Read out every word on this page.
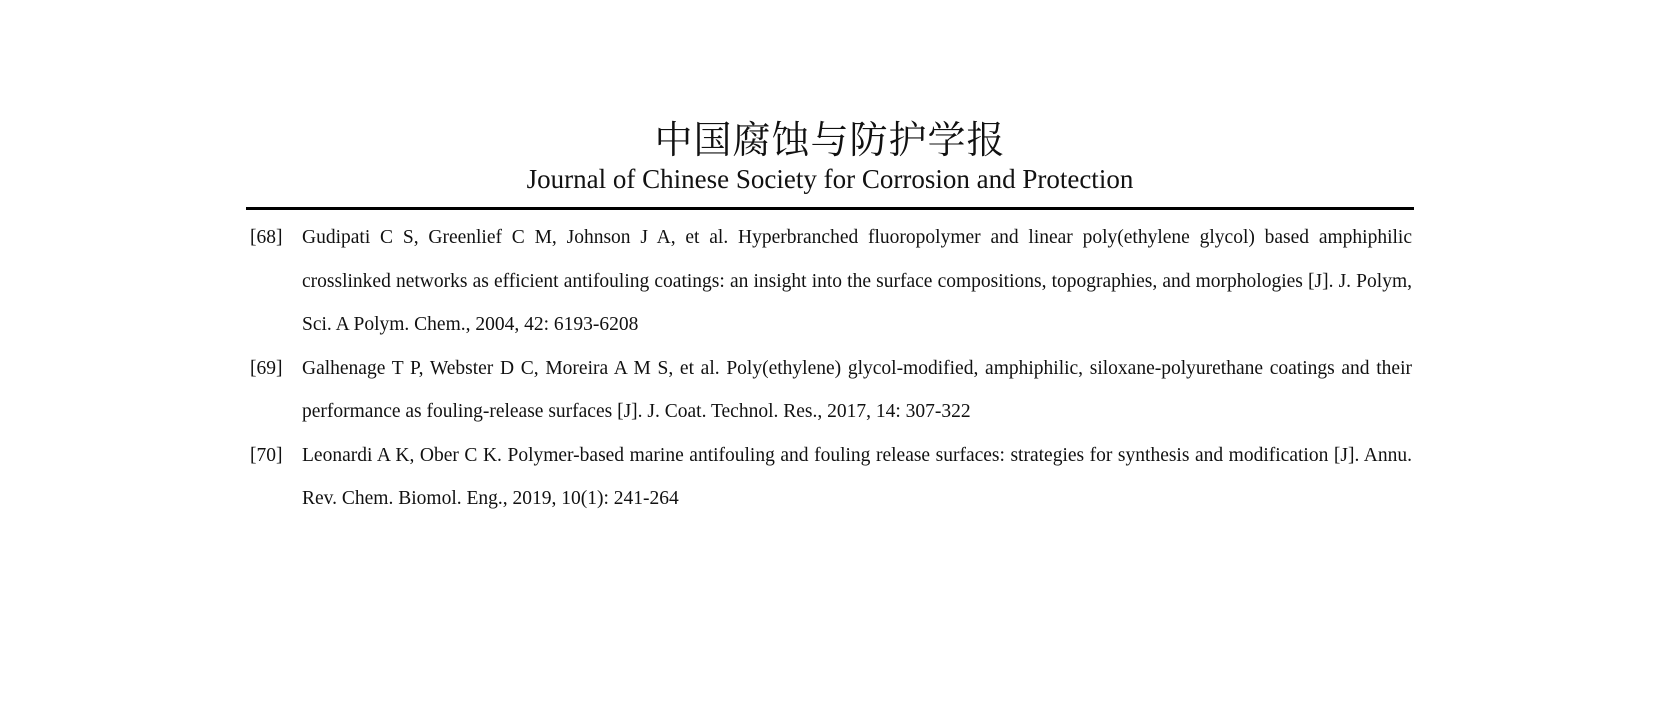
中国腐蚀与防护学报
Journal of Chinese Society for Corrosion and Protection
[68]	Gudipati C S, Greenlief C M, Johnson J A, et al. Hyperbranched fluoropolymer and linear poly(ethylene glycol) based amphiphilic crosslinked networks as efficient antifouling coatings: an insight into the surface compositions, topographies, and morphologies [J]. J. Polym, Sci. A Polym. Chem., 2004, 42: 6193-6208
[69]	Galhenage T P, Webster D C, Moreira A M S, et al. Poly(ethylene) glycol-modified, amphiphilic, siloxane-polyurethane coatings and their performance as fouling-release surfaces [J]. J. Coat. Technol. Res., 2017, 14: 307-322
[70]	Leonardi A K, Ober C K. Polymer-based marine antifouling and fouling release surfaces: strategies for synthesis and modification [J]. Annu. Rev. Chem. Biomol. Eng., 2019, 10(1): 241-264
